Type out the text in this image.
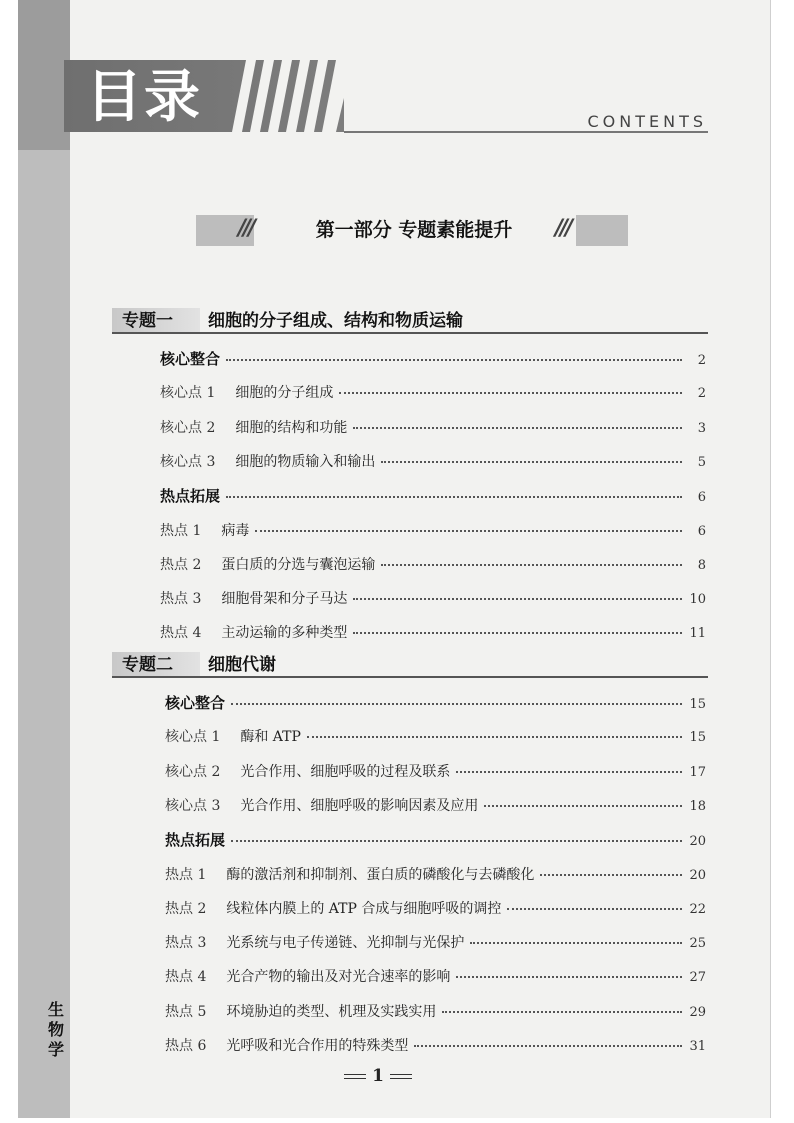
生物学
目录	CONTENTS
///	///
第一部分 专题素能提升
专题一 细胞的分子组成、结构和物质运输
核心整合	2
核心点 1 细胞的分子组成	2
核心点 2 细胞的结构和功能	3
核心点 3 细胞的物质输入和输出	5
热点拓展	6
热点 1 病毒	6
热点 2 蛋白质的分选与囊泡运输	8
热点 3 细胞骨架和分子马达	10
热点 4 主动运输的多种类型	11
专题二 细胞代谢
核心整合	15
核心点 1 酶和 ATP	15
核心点 2 光合作用、细胞呼吸的过程及联系	17
核心点 3 光合作用、细胞呼吸的影响因素及应用	18
热点拓展	20
热点 1 酶的激活剂和抑制剂、蛋白质的磷酸化与去磷酸化	20
热点 2 线粒体内膜上的 ATP 合成与细胞呼吸的调控	22
热点 3 光系统与电子传递链、光抑制与光保护	25
热点 4 光合产物的输出及对光合速率的影响	27
热点 5 环境胁迫的类型、机理及实践实用	29
热点 6 光呼吸和光合作用的特殊类型	31
1
